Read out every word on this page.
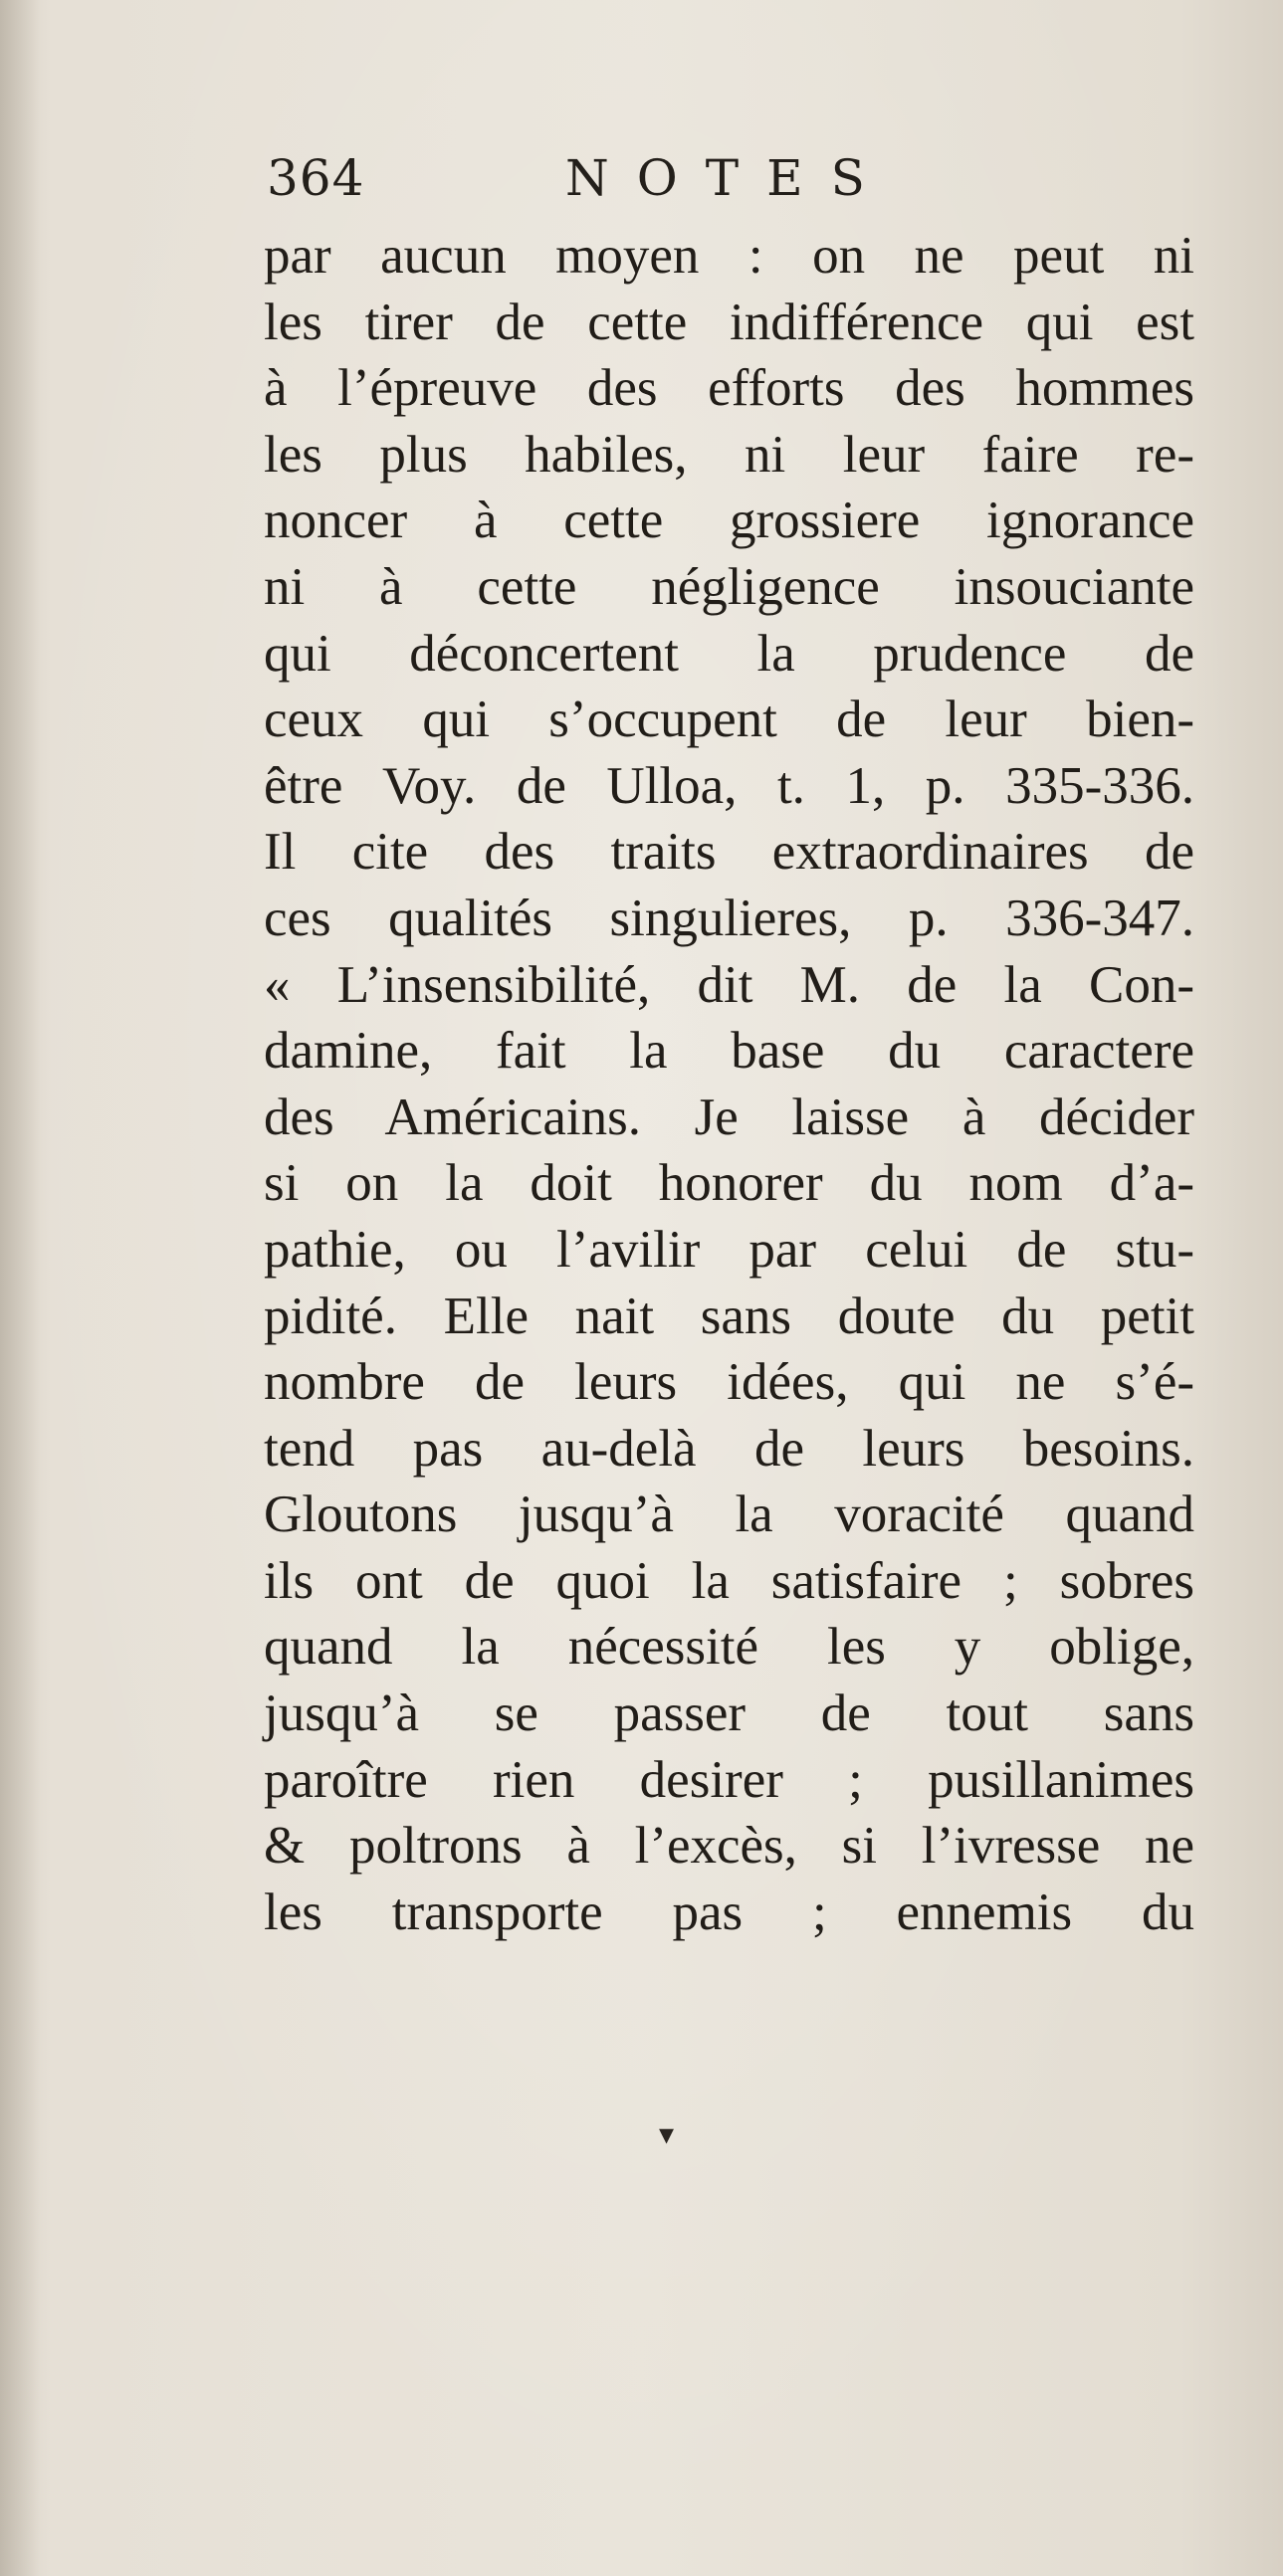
364	NOTES
par aucun moyen : on ne peut ni
les tirer de cette indifférence qui est
à l’épreuve des efforts des hommes
les plus habiles, ni leur faire re-
noncer à cette grossiere ignorance
ni à cette négligence insouciante
qui déconcertent la prudence de
ceux qui s’occupent de leur bien-
être Voy. de Ulloa, t. 1, p. 335-336.
Il cite des traits extraordinaires de
ces qualités singulieres, p. 336-347.
« L’insensibilité, dit M. de la Con-
damine, fait la base du caractere
des Américains. Je laisse à décider
si on la doit honorer du nom d’a-
pathie, ou l’avilir par celui de stu-
pidité. Elle nait sans doute du petit
nombre de leurs idées, qui ne s’é-
tend pas au-delà de leurs besoins.
Gloutons jusqu’à la voracité quand
ils ont de quoi la satisfaire ; sobres
quand la nécessité les y oblige,
jusqu’à se passer de tout sans
paroître rien desirer ; pusillanimes
& poltrons à l’excès, si l’ivresse ne
les transporte pas ; ennemis du
▾
